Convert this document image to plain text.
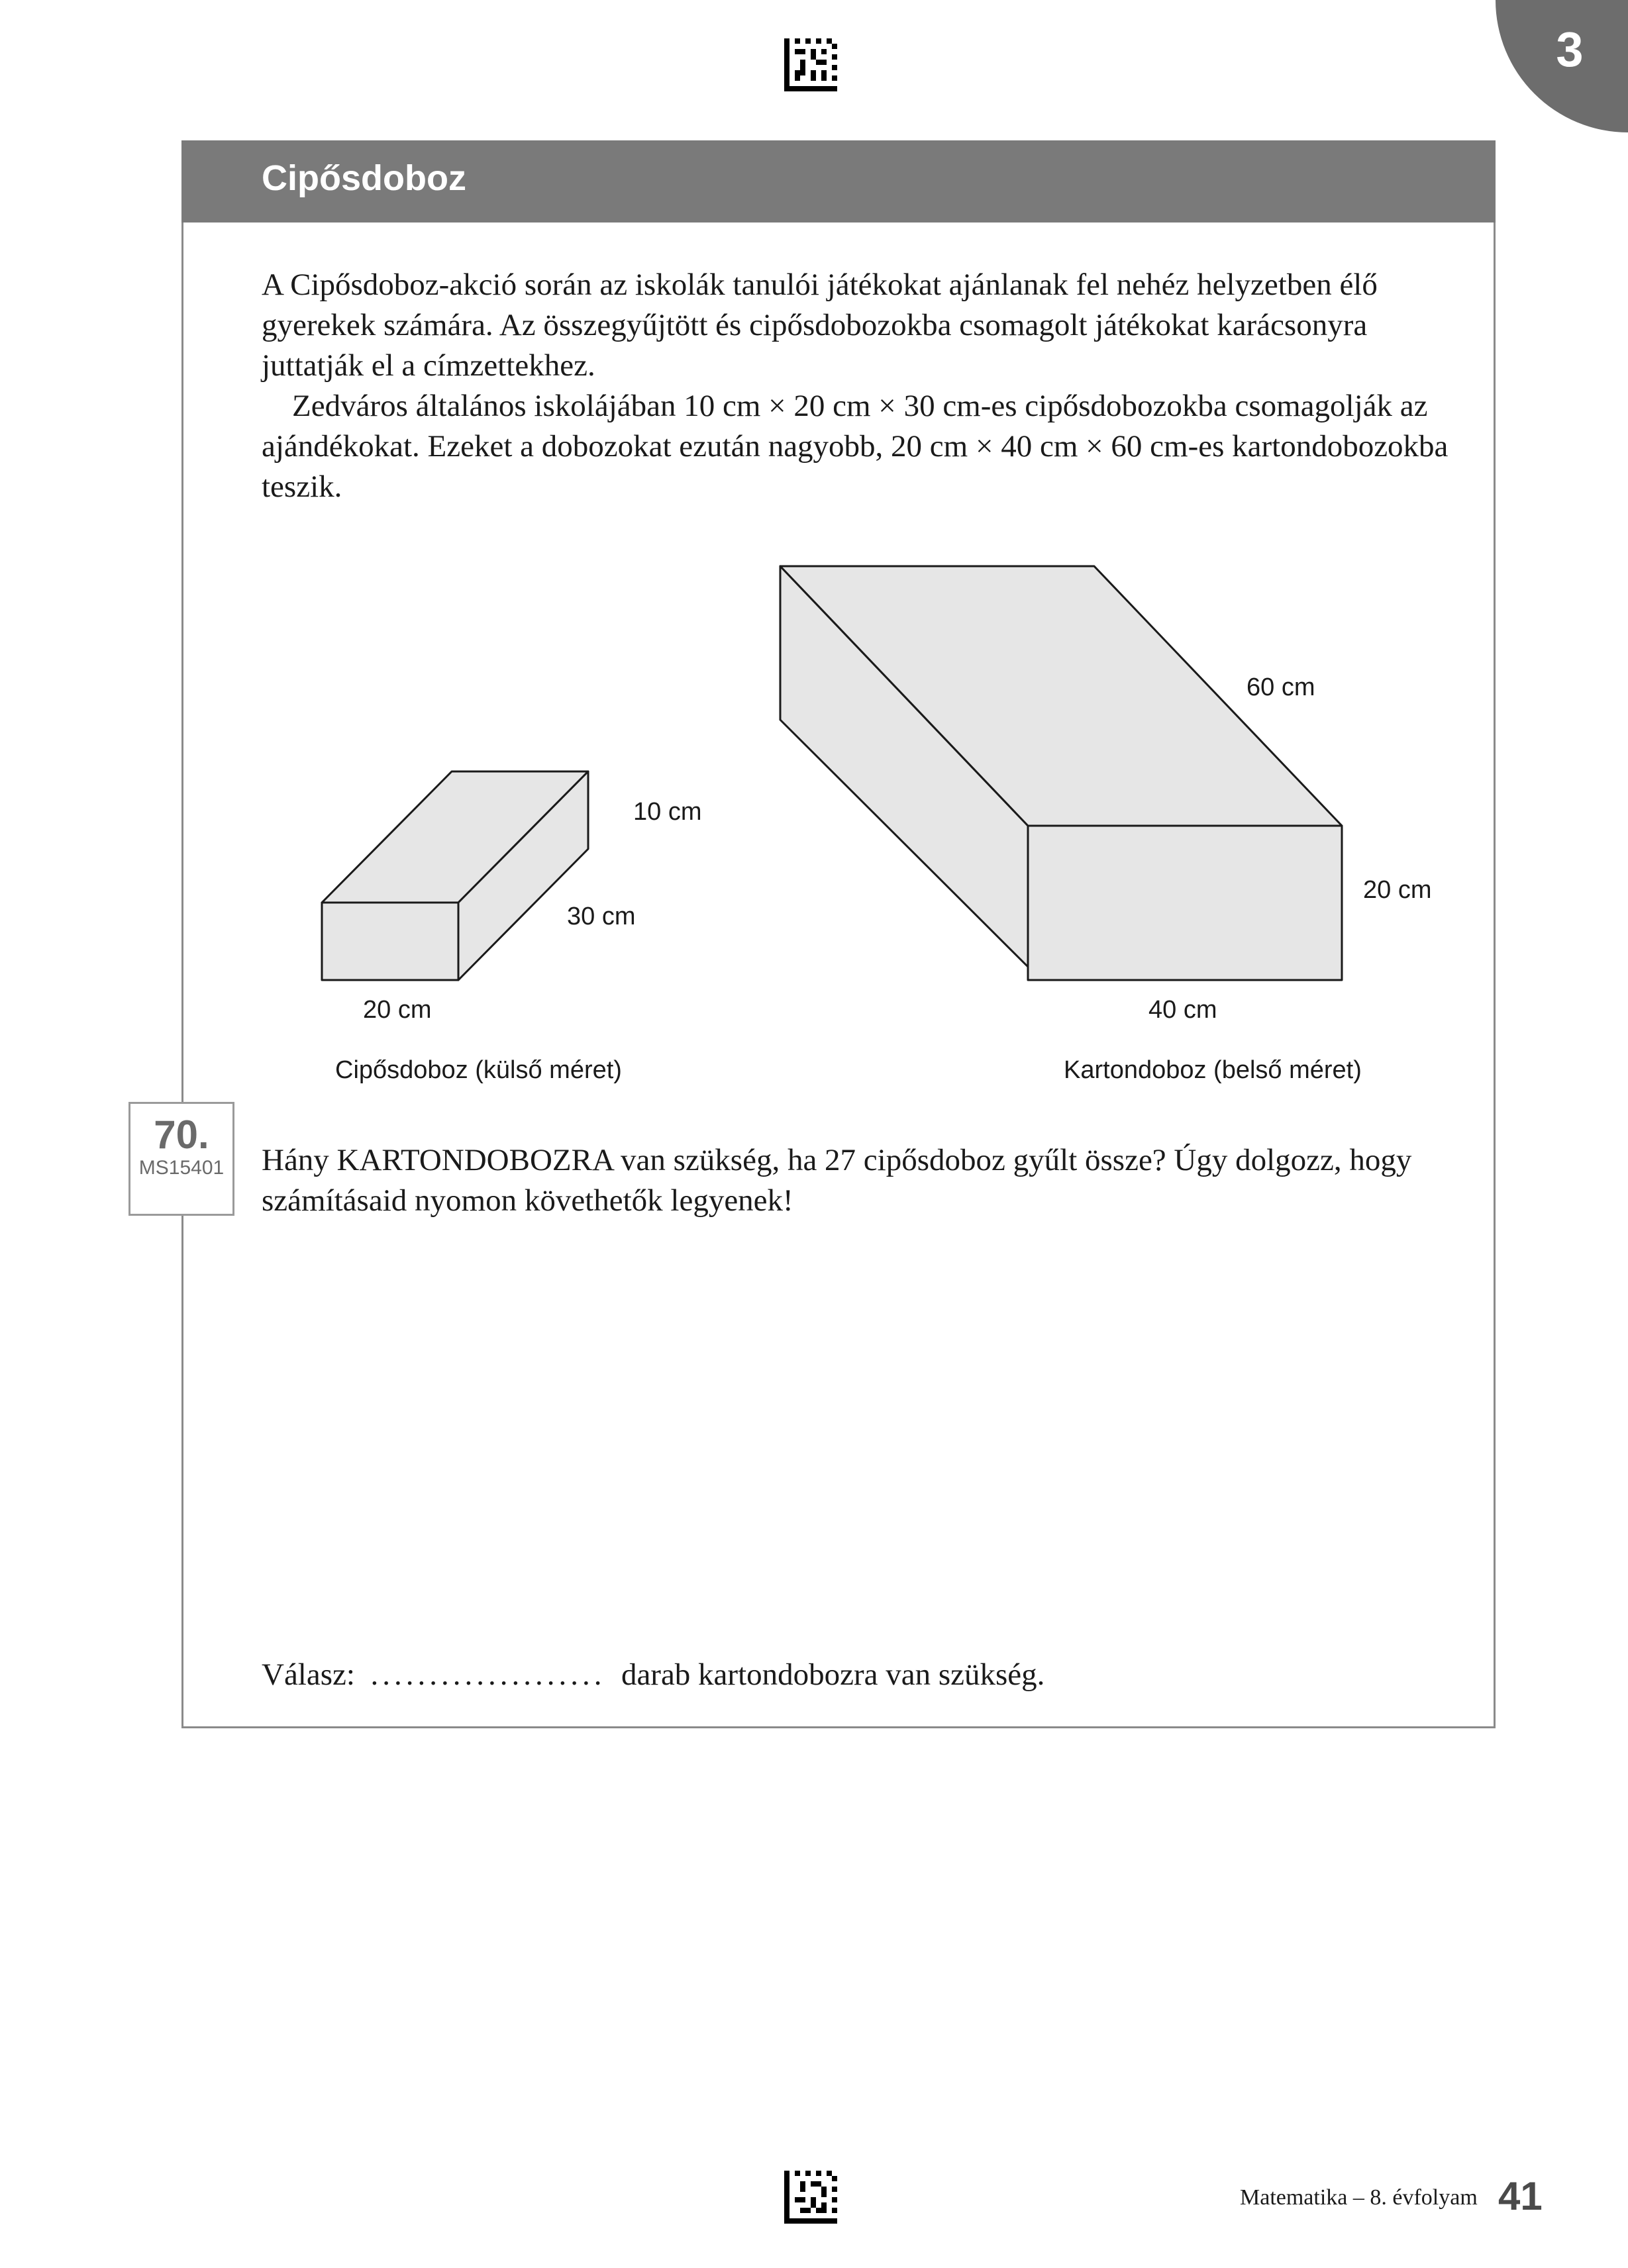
3
Cipősdoboz

A Cipősdoboz-akció során az iskolák tanulói játékokat ajánlanak fel nehéz helyzetben élő gyerekek számára. Az összegyűjtött és cipősdobozokba csomagolt játékokat karácsonyra juttatják el a címzettekhez.

Zedváros általános iskolájában 10 cm × 20 cm × 30 cm-es cipősdobozokba csomagolják az ajándékokat. Ezeket a dobozokat ezután nagyobb, 20 cm × 40 cm × 60 cm-es kartondobozokba teszik.

10 cm
30 cm
20 cm
Cipősdoboz (külső méret)
60 cm
20 cm
40 cm
Kartondoboz (belső méret)
70.
MS15401 Hány KARTONDOBOZRA van szükség, ha 27 cipősdoboz gyűlt össze? Úgy dolgozz, hogy számításaid nyomon követhetők legyenek!
Válasz: .................... darab kartondobozra van szükség.
Matematika – 8. évfolyam 41
